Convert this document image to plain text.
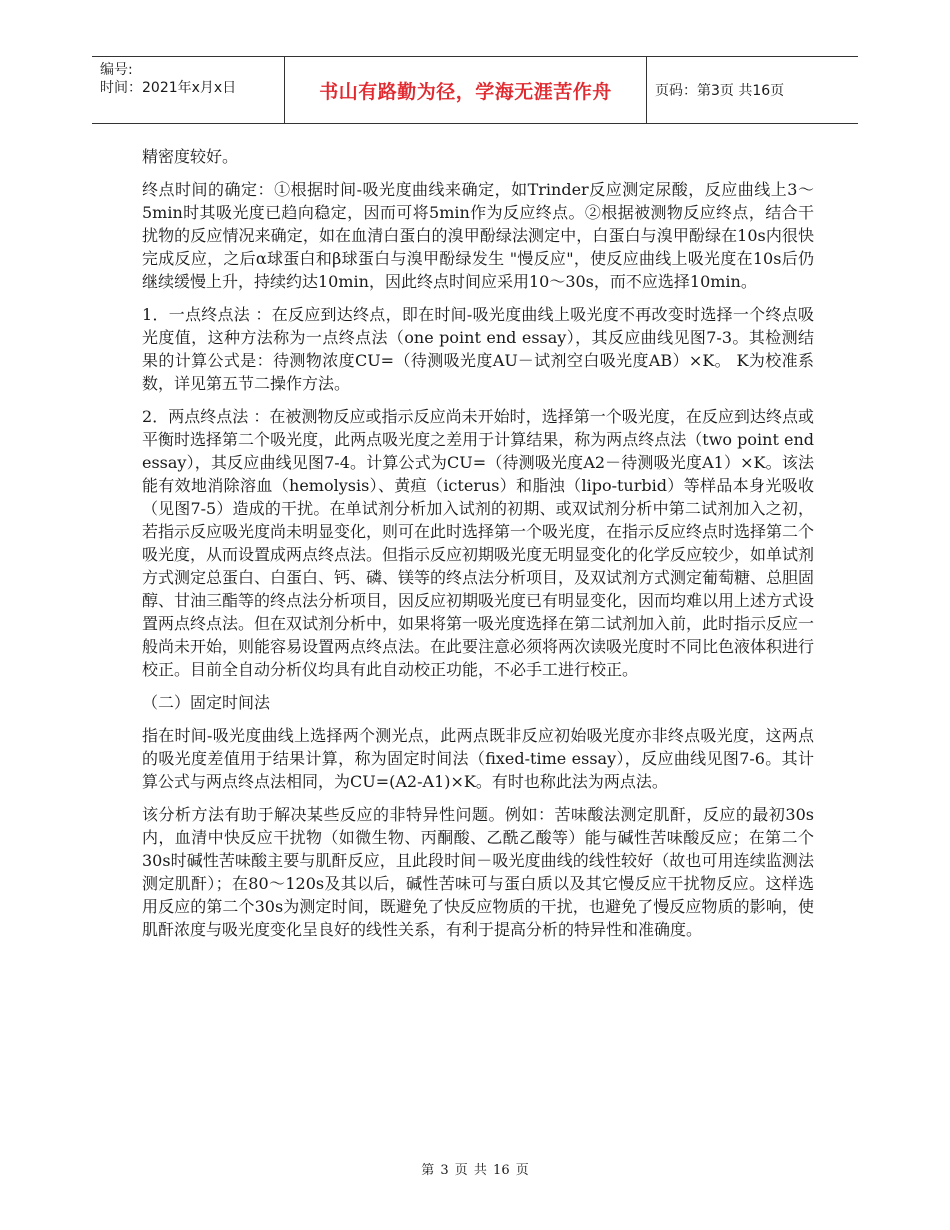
编号:
时间：2021年x月x日	书山有路勤为径，学海无涯苦作舟	页码：第3页 共16页

精密度较好。

终点时间的确定：①根据时间-吸光度曲线来确定，如Trinder反应测定尿酸，反应曲线上3～5min时其吸光度已趋向稳定，因而可将5min作为反应终点。②根据被测物反应终点，结合干扰物的反应情况来确定，如在血清白蛋白的溴甲酚绿法测定中，白蛋白与溴甲酚绿在10s内很快完成反应，之后α球蛋白和β球蛋白与溴甲酚绿发生 "慢反应"，使反应曲线上吸光度在10s后仍继续缓慢上升，持续约达10min，因此终点时间应采用10～30s，而不应选择10min。

1．一点终点法 ：在反应到达终点，即在时间-吸光度曲线上吸光度不再改变时选择一个终点吸光度值，这种方法称为一点终点法（one point end essay），其反应曲线见图7-3。其检测结果的计算公式是：待测物浓度CU=（待测吸光度AU－试剂空白吸光度AB）×K。 K为校准系数，详见第五节二操作方法。

2．两点终点法 ：在被测物反应或指示反应尚未开始时，选择第一个吸光度，在反应到达终点或平衡时选择第二个吸光度，此两点吸光度之差用于计算结果，称为两点终点法（two point end essay），其反应曲线见图7-4。计算公式为CU=（待测吸光度A2－待测吸光度A1）×K。该法能有效地消除溶血（hemolysis）、黄疸（icterus）和脂浊（lipo-turbid）等样品本身光吸收（见图7-5）造成的干扰。在单试剂分析加入试剂的初期、或双试剂分析中第二试剂加入之初，若指示反应吸光度尚未明显变化，则可在此时选择第一个吸光度，在指示反应终点时选择第二个吸光度，从而设置成两点终点法。但指示反应初期吸光度无明显变化的化学反应较少，如单试剂方式测定总蛋白、白蛋白、钙、磷、镁等的终点法分析项目，及双试剂方式测定葡萄糖、总胆固醇、甘油三酯等的终点法分析项目，因反应初期吸光度已有明显变化，因而均难以用上述方式设置两点终点法。但在双试剂分析中，如果将第一吸光度选择在第二试剂加入前，此时指示反应一般尚未开始，则能容易设置两点终点法。在此要注意必须将两次读吸光度时不同比色液体积进行校正。目前全自动分析仪均具有此自动校正功能，不必手工进行校正。

（二）固定时间法

指在时间-吸光度曲线上选择两个测光点，此两点既非反应初始吸光度亦非终点吸光度，这两点的吸光度差值用于结果计算，称为固定时间法（fixed-time essay），反应曲线见图7-6。其计算公式与两点终点法相同，为CU=(A2-A1)×K。有时也称此法为两点法。

该分析方法有助于解决某些反应的非特异性问题。例如：苦味酸法测定肌酐，反应的最初30s内，血清中快反应干扰物（如微生物、丙酮酸、乙酰乙酸等）能与碱性苦味酸反应；在第二个30s时碱性苦味酸主要与肌酐反应，且此段时间－吸光度曲线的线性较好（故也可用连续监测法测定肌酐）；在80～120s及其以后，碱性苦味可与蛋白质以及其它慢反应干扰物反应。这样选用反应的第二个30s为测定时间，既避免了快反应物质的干扰，也避免了慢反应物质的影响，使肌酐浓度与吸光度变化呈良好的线性关系，有利于提高分析的特异性和准确度。

第 3 页 共 16 页
